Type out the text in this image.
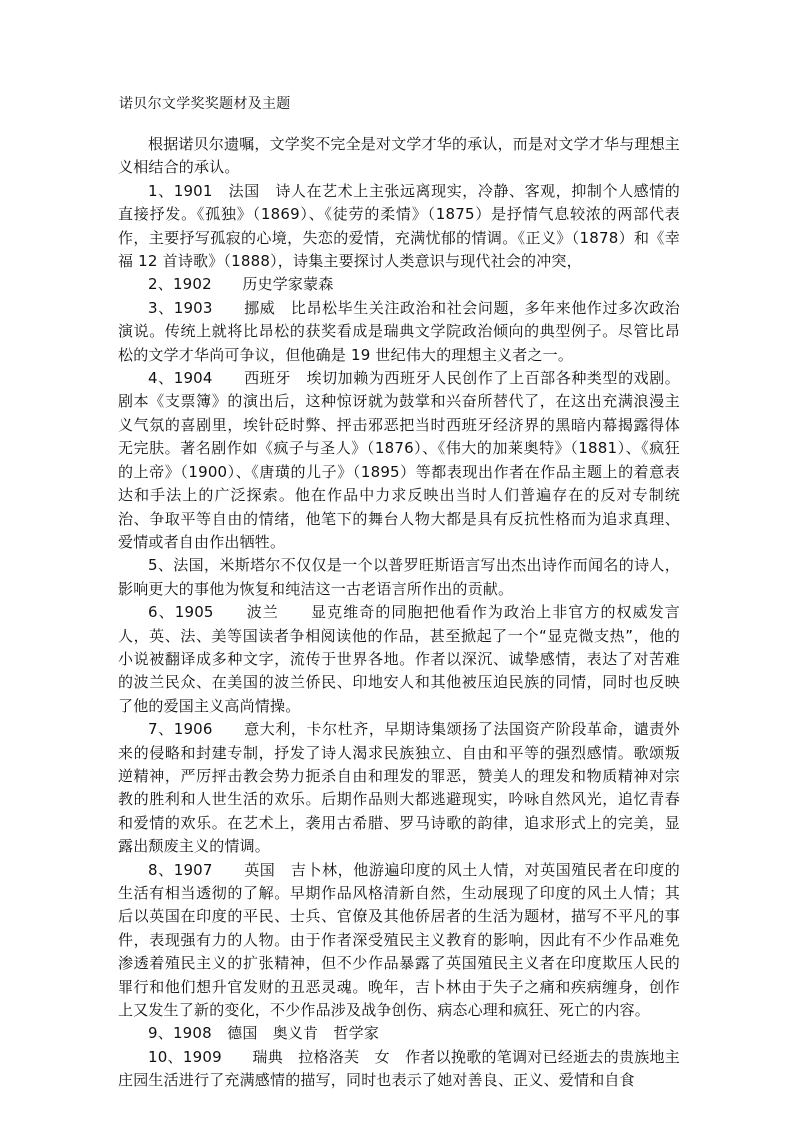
诺贝尔文学奖奖题材及主题

根据诺贝尔遗嘱，文学奖不完全是对文学才华的承认，而是对文学才华与理想主义相结合的承认。

1、1901　法国　诗人在艺术上主张远离现实，冷静、客观，抑制个人感情的直接抒发。《孤独》（1869）、《徒劳的柔情》（1875）是抒情气息较浓的两部代表作，主要抒写孤寂的心境，失恋的爱情，充满忧郁的情调。《正义》（1878）和《幸福 12 首诗歌》（1888），诗集主要探讨人类意识与现代社会的冲突，

2、1902　　历史学家蒙森

3、1903　　挪威　比昂松毕生关注政治和社会问题，多年来他作过多次政治演说。传统上就将比昂松的获奖看成是瑞典文学院政治倾向的典型例子。尽管比昂松的文学才华尚可争议，但他确是 19 世纪伟大的理想主义者之一。

4、1904　　西班牙　埃切加赖为西班牙人民创作了上百部各种类型的戏剧。剧本《支票簿》的演出后，这种惊讶就为鼓掌和兴奋所替代了，在这出充满浪漫主义气氛的喜剧里，埃针砭时弊、抨击邪恶把当时西班牙经济界的黑暗内幕揭露得体无完肤。著名剧作如《疯子与圣人》（1876）、《伟大的加莱奥特》（1881）、《疯狂的上帝》（1900）、《唐璜的儿子》（1895）等都表现出作者在作品主题上的着意表达和手法上的广泛探索。他在作品中力求反映出当时人们普遍存在的反对专制统治、争取平等自由的情绪，他笔下的舞台人物大都是具有反抗性格而为追求真理、爱情或者自由作出牺牲。

5、法国，米斯塔尔不仅仅是一个以普罗旺斯语言写出杰出诗作而闻名的诗人，影响更大的事他为恢复和纯洁这一古老语言所作出的贡献。

6、1905　　波兰　　显克维奇的同胞把他看作为政治上非官方的权威发言人，英、法、美等国读者争相阅读他的作品，甚至掀起了一个“显克微支热”，他的小说被翻译成多种文字，流传于世界各地。作者以深沉、诚挚感情，表达了对苦难的波兰民众、在美国的波兰侨民、印地安人和其他被压迫民族的同情，同时也反映了他的爱国主义高尚情操。

7、1906　　意大利，卡尔杜齐，早期诗集颂扬了法国资产阶段革命，谴责外来的侵略和封建专制，抒发了诗人渴求民族独立、自由和平等的强烈感情。歌颂叛逆精神，严厉抨击教会势力扼杀自由和理发的罪恶，赞美人的理发和物质精神对宗教的胜利和人世生活的欢乐。后期作品则大都逃避现实，吟咏自然风光，追忆青春和爱情的欢乐。在艺术上，袭用古希腊、罗马诗歌的韵律，追求形式上的完美，显露出颓废主义的情调。

8、1907　　英国　吉卜林，他游遍印度的风土人情，对英国殖民者在印度的生活有相当透彻的了解。早期作品风格清新自然，生动展现了印度的风土人情；其后以英国在印度的平民、士兵、官僚及其他侨居者的生活为题材，描写不平凡的事件，表现强有力的人物。由于作者深受殖民主义教育的影响，因此有不少作品难免渗透着殖民主义的扩张精神，但不少作品暴露了英国殖民主义者在印度欺压人民的罪行和他们想升官发财的丑恶灵魂。晚年，吉卜林由于失子之痛和疾病缠身，创作上又发生了新的变化，不少作品涉及战争创伤、病态心理和疯狂、死亡的内容。

9、1908　德国　奥义肯　哲学家

10、1909　　瑞典　拉格洛芙　女　作者以挽歌的笔调对已经逝去的贵族地主庄园生活进行了充满感情的描写，同时也表示了她对善良、正义、爱情和自食
